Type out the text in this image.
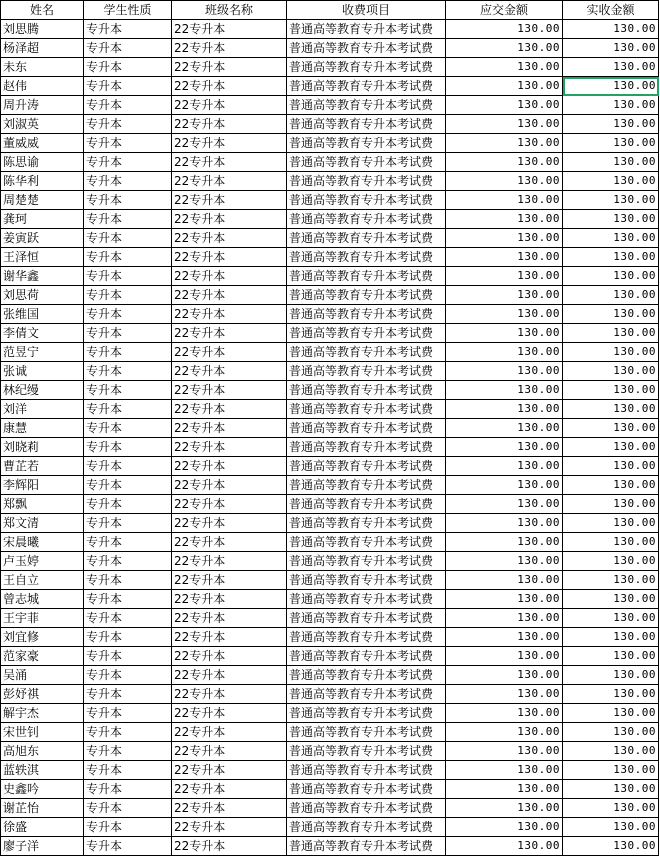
姓名	学生性质	班级名称	收费项目	应交金额	实收金额
刘思腾	专升本	22专升本	普通高等教育专升本考试费	130.00	130.00
杨泽超	专升本	22专升本	普通高等教育专升本考试费	130.00	130.00
未东	专升本	22专升本	普通高等教育专升本考试费	130.00	130.00
赵伟	专升本	22专升本	普通高等教育专升本考试费	130.00	130.00
周升涛	专升本	22专升本	普通高等教育专升本考试费	130.00	130.00
刘淑英	专升本	22专升本	普通高等教育专升本考试费	130.00	130.00
董威威	专升本	22专升本	普通高等教育专升本考试费	130.00	130.00
陈思谕	专升本	22专升本	普通高等教育专升本考试费	130.00	130.00
陈华利	专升本	22专升本	普通高等教育专升本考试费	130.00	130.00
周楚楚	专升本	22专升本	普通高等教育专升本考试费	130.00	130.00
龚珂	专升本	22专升本	普通高等教育专升本考试费	130.00	130.00
姜寅跃	专升本	22专升本	普通高等教育专升本考试费	130.00	130.00
王泽恒	专升本	22专升本	普通高等教育专升本考试费	130.00	130.00
谢华鑫	专升本	22专升本	普通高等教育专升本考试费	130.00	130.00
刘思荷	专升本	22专升本	普通高等教育专升本考试费	130.00	130.00
张维国	专升本	22专升本	普通高等教育专升本考试费	130.00	130.00
李倩文	专升本	22专升本	普通高等教育专升本考试费	130.00	130.00
范昱宁	专升本	22专升本	普通高等教育专升本考试费	130.00	130.00
张诚	专升本	22专升本	普通高等教育专升本考试费	130.00	130.00
林纪缦	专升本	22专升本	普通高等教育专升本考试费	130.00	130.00
刘洋	专升本	22专升本	普通高等教育专升本考试费	130.00	130.00
康慧	专升本	22专升本	普通高等教育专升本考试费	130.00	130.00
刘晓莉	专升本	22专升本	普通高等教育专升本考试费	130.00	130.00
曹芷若	专升本	22专升本	普通高等教育专升本考试费	130.00	130.00
李辉阳	专升本	22专升本	普通高等教育专升本考试费	130.00	130.00
郑飘	专升本	22专升本	普通高等教育专升本考试费	130.00	130.00
郑文清	专升本	22专升本	普通高等教育专升本考试费	130.00	130.00
宋晨曦	专升本	22专升本	普通高等教育专升本考试费	130.00	130.00
卢玉婷	专升本	22专升本	普通高等教育专升本考试费	130.00	130.00
王自立	专升本	22专升本	普通高等教育专升本考试费	130.00	130.00
曾志城	专升本	22专升本	普通高等教育专升本考试费	130.00	130.00
王宇菲	专升本	22专升本	普通高等教育专升本考试费	130.00	130.00
刘宜修	专升本	22专升本	普通高等教育专升本考试费	130.00	130.00
范家豪	专升本	22专升本	普通高等教育专升本考试费	130.00	130.00
吴涌	专升本	22专升本	普通高等教育专升本考试费	130.00	130.00
彭妤祺	专升本	22专升本	普通高等教育专升本考试费	130.00	130.00
解宇杰	专升本	22专升本	普通高等教育专升本考试费	130.00	130.00
宋世钊	专升本	22专升本	普通高等教育专升本考试费	130.00	130.00
高旭东	专升本	22专升本	普通高等教育专升本考试费	130.00	130.00
蓝轶淇	专升本	22专升本	普通高等教育专升本考试费	130.00	130.00
史鑫吟	专升本	22专升本	普通高等教育专升本考试费	130.00	130.00
谢芷怡	专升本	22专升本	普通高等教育专升本考试费	130.00	130.00
徐盛	专升本	22专升本	普通高等教育专升本考试费	130.00	130.00
廖子洋	专升本	22专升本	普通高等教育专升本考试费	130.00	130.00
